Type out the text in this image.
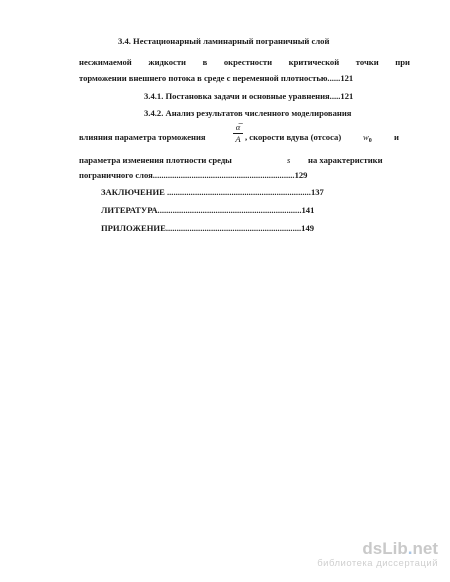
3.4. Нестационарный ламинарный пограничный слой
несжимаемой жидкости в окрестности критической точки при
торможении внешнего потока в среде с переменной плотностью......121
3.4.1. Постановка задачи и основные уравнения.....121
3.4.2. Анализ результатов численного моделирования
влияния параметра торможения
α̅
A , скорости вдува (отсоса)	$w_0$	и
параметра изменения плотности среды	s на характеристики
пограничного слоя..................................................................129
ЗАКЛЮЧЕНИЕ ...................................................................137
ЛИТЕРАТУРА...................................................................141
ПРИЛОЖЕНИЕ...............................................................149
dsLib.net
библиотека диссертаций
